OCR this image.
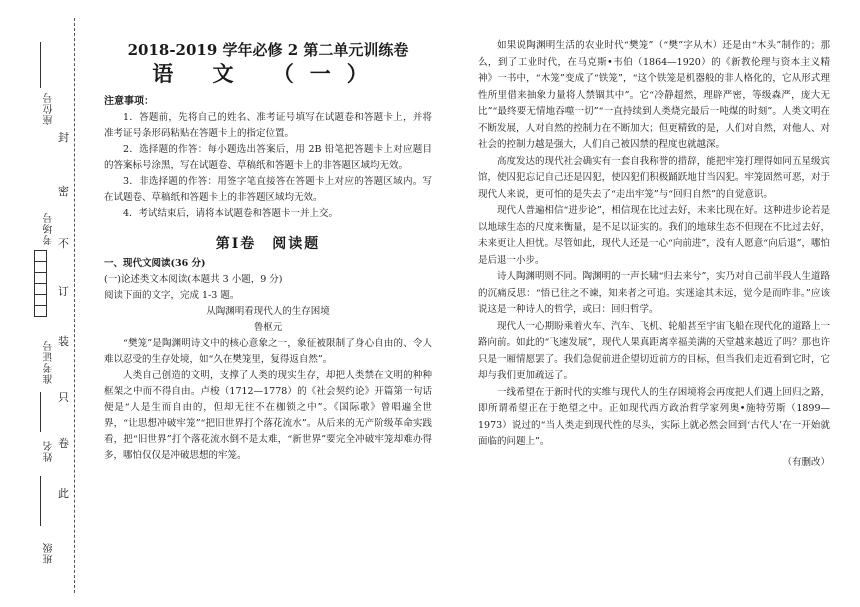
封
密
不
订
装
只
卷
此
座位号
考场号
准考证号
姓名
班级

2018-2019 学年必修 2 第二单元训练卷

语 文 （一）

注意事项：

1．答题前，先将自己的姓名、准考证号填写在试题卷和答题卡上，并将准考证号条形码粘贴在答题卡上的指定位置。

2．选择题的作答：每小题选出答案后，用 2B 铅笔把答题卡上对应题目的答案标号涂黑，写在试题卷、草稿纸和答题卡上的非答题区域均无效。

3．非选择题的作答：用签字笔直接答在答题卡上对应的答题区域内。写在试题卷、草稿纸和答题卡上的非答题区域均无效。

4．考试结束后，请将本试题卷和答题卡一并上交。

第Ⅰ卷　阅读题

一、现代文阅读(36 分)

(一)论述类文本阅读(本题共 3 小题，9 分)

阅读下面的文字，完成 1-3 题。

从陶渊明看现代人的生存困境

鲁枢元

“樊笼”是陶渊明诗文中的核心意象之一，象征被限制了身心自由的、令人难以忍受的生存处境，如“久在樊笼里，复得返自然”。

人类自己创造的文明，支撑了人类的现实生存，却把人类禁在文明的种种框架之中而不得自由。卢梭（1712—1778）的《社会契约论》开篇第一句话便是“人是生而自由的，但却无往不在枷锁之中”。《国际歌》曾唱遍全世界，“让思想冲破牢笼”“把旧世界打个落花流水”。从后来的无产阶级革命实践看，把“旧世界”打个落花流水倒不是太难，“新世界”要完全冲破牢笼却难办得多，哪怕仅仅是冲破思想的牢笼。

如果说陶渊明生活的农业时代“樊笼”（“樊”字从木）还是由“木头”制作的；那么，到了工业时代，在马克斯•韦伯（1864—1920）的《新教伦理与资本主义精神》一书中，“木笼”变成了“铁笼”，“这个铁笼是机器般的非人格化的，它从形式理性所里借来抽象力量将人禁锢其中”。它“冷静超然，理辟严密，等级森严，庞大无比”“最终要无情地吞噬一切”“一直持续到人类烧完最后一吨煤的时刻”。人类文明在不断发展，人对自然的控制力在不断加大；但更精致的是，人们对自然，对他人、对社会的控制力越是强大，人们自己被囚禁的程度也就越深。

高度发达的现代社会确实有一套自我称誉的措辞，能把牢笼打理得如同五星级宾馆，使囚犯忘记自己还是囚犯，使囚犯们积极踊跃地甘当囚犯。牢笼固然可恶，对于现代人来说，更可怕的是失去了“走出牢笼”与“回归自然”的自觉意识。

现代人普遍相信“进步论”，相信现在比过去好，未来比现在好。这种进步论若是以地球生态的尺度来衡量，是不足以证实的。我们的地球生态不但现在不比过去好，未来更让人担忧。尽管如此，现代人还是一心“向前进”，没有人愿意“向后退”，哪怕是后退一小步。

诗人陶渊明则不同。陶渊明的一声长啸“归去来兮”，实乃对自己前半段人生道路的沉痛反思：“悟已往之不谏，知来者之可追。实迷途其未远，觉今是而昨非。”应该说这是一种诗人的哲学，或曰：回归哲学。

现代人一心期盼乘着火车、汽车、飞机、轮船甚至宇宙飞船在现代化的道路上一路向前。如此的“飞速发展”，现代人果真距离幸福美满的天堂越来越近了吗？那也许只是一厢情愿罢了。我们急促前进企望切近前方的目标，但当我们走近看到它时，它却与我们更加疏远了。

一线希望在于新时代的实维与现代人的生存困境将会再度把人们遇上回归之路，即所谓希望正在于绝望之中。正如现代西方政治哲学家列奥•施特劳斯（1899—1973）说过的“当人类走到现代性的尽头，实际上就必然会回到‘古代人’在一开始就面临的问题上”。

（有删改）
